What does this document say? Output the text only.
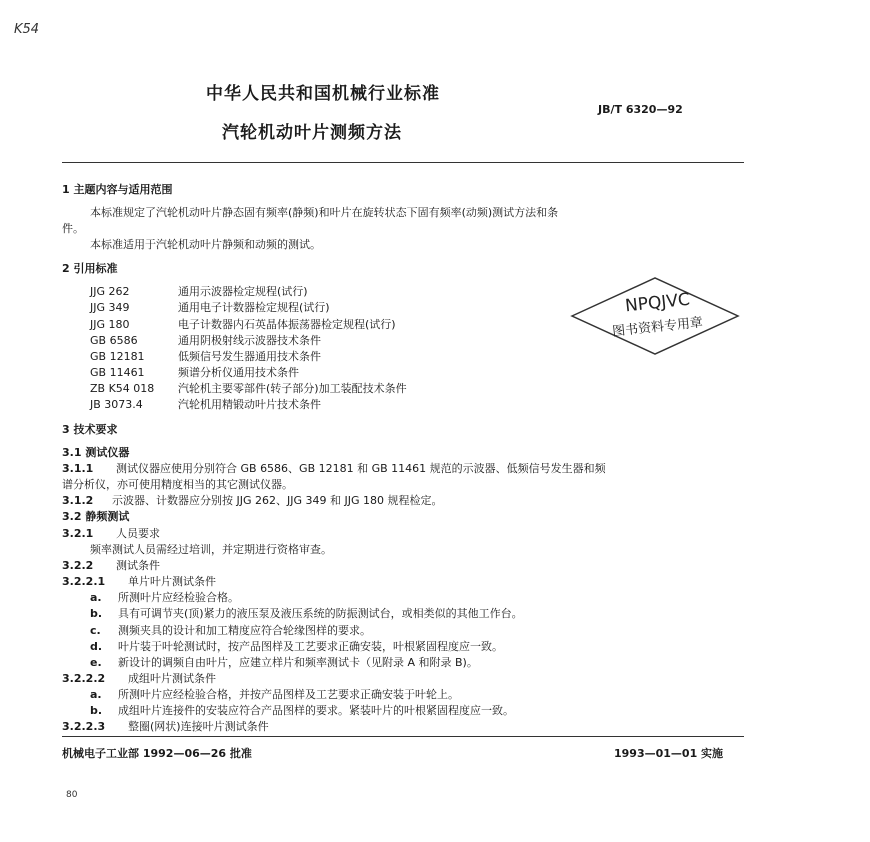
K54
中华人民共和国机械行业标准
JB/T 6320—92
汽轮机动叶片测频方法
1 主题内容与适用范围
本标准规定了汽轮机动叶片静态固有频率(静频)和叶片在旋转状态下固有频率(动频)测试方法和条
件。
本标准适用于汽轮机动叶片静频和动频的测试。
2 引用标准
JJG 262	通用示波器检定规程(试行)
JJG 349	通用电子计数器检定规程(试行)
JJG 180	电子计数器内石英晶体振荡器检定规程(试行)
GB 6586	通用阴极射线示波器技术条件
GB 12181	低频信号发生器通用技术条件
GB 11461	频谱分析仪通用技术条件
ZB K54 018 汽轮机主要零部件(转子部分)加工装配技术条件
JB 3073.4	汽轮机用精锻动叶片技术条件
NPQJVC
图书资料专用章
3 技术要求
3.1 测试仪器
3.1.1 测试仪器应使用分别符合 GB 6586、GB 12181 和 GB 11461 规范的示波器、低频信号发生器和频
谱分析仪，亦可使用精度相当的其它测试仪器。
3.1.2 示波器、计数器应分别按 JJG 262、JJG 349 和 JJG 180 规程检定。
3.2 静频测试
3.2.1 人员要求
频率测试人员需经过培训，并定期进行资格审查。
3.2.2 测试条件
3.2.2.1 单片叶片测试条件
a. 所测叶片应经检验合格。
b. 具有可调节夹(顶)紧力的液压泵及液压系统的防振测试台，或相类似的其他工作台。
c. 测频夹具的设计和加工精度应符合轮缘图样的要求。
d. 叶片装于叶轮测试时，按产品图样及工艺要求正确安装，叶根紧固程度应一致。
e. 新设计的调频自由叶片，应建立样片和频率测试卡（见附录 A 和附录 B)。
3.2.2.2 成组叶片测试条件
a. 所测叶片应经检验合格，并按产品图样及工艺要求正确安装于叶轮上。
b. 成组叶片连接件的安装应符合产品图样的要求。紧装叶片的叶根紧固程度应一致。
3.2.2.3 整圈(网状)连接叶片测试条件
机械电子工业部 1992—06—26 批准	1993—01—01 实施
80
